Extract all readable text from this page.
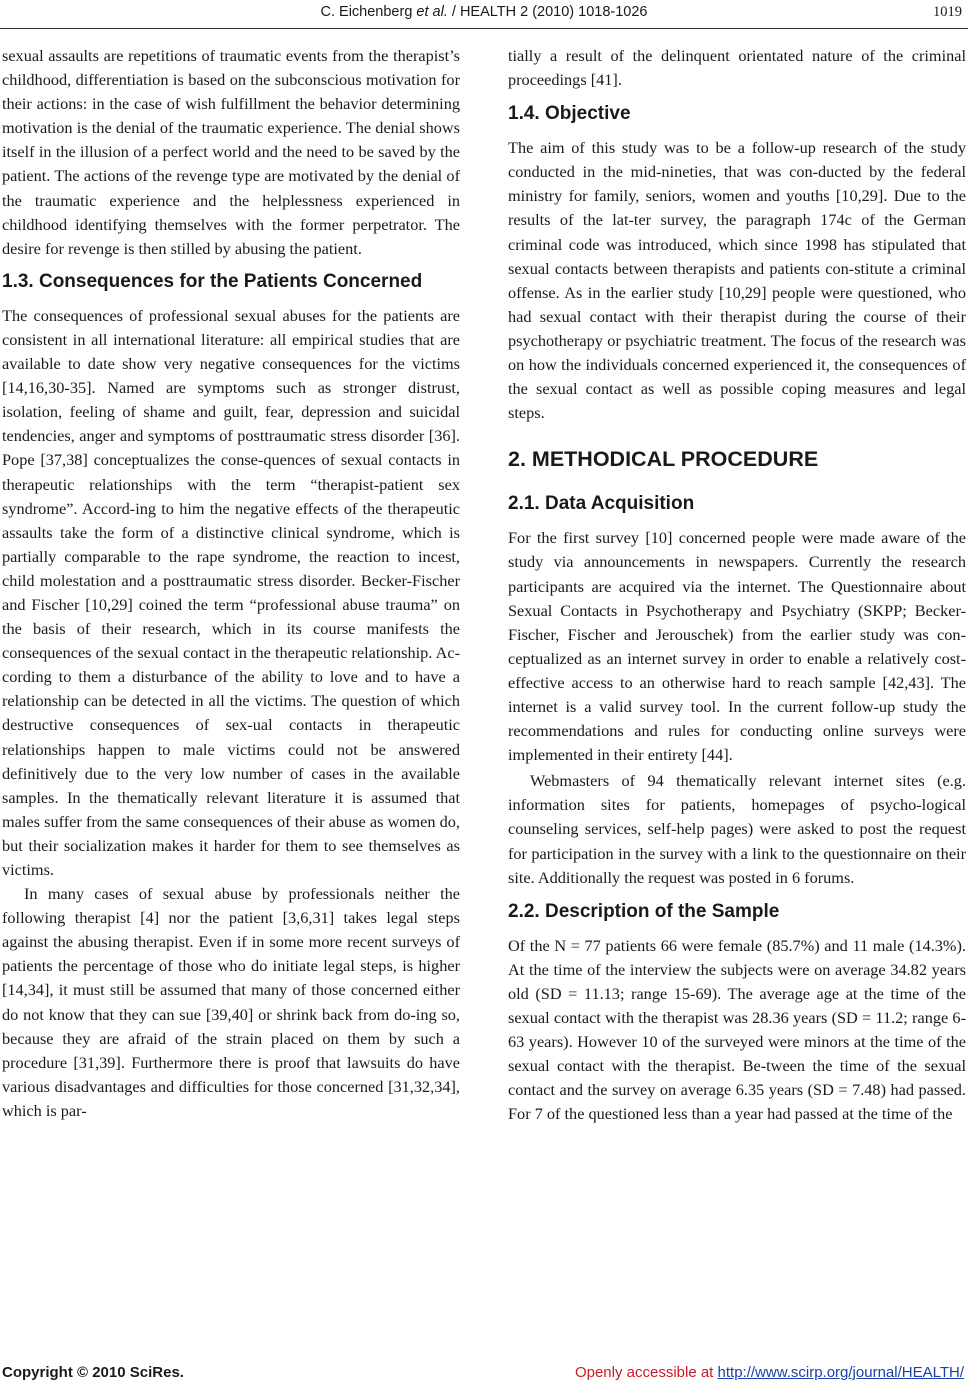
C. Eichenberg et al. / HEALTH 2 (2010) 1018-1026	1019

sexual assaults are repetitions of traumatic events from the therapist’s childhood, differentiation is based on the subconscious motivation for their actions: in the case of wish fulfillment the behavior determining motivation is the denial of the traumatic experience. The denial shows itself in the illusion of a perfect world and the need to be saved by the patient. The actions of the revenge type are motivated by the denial of the traumatic experience and the helplessness experienced in childhood identifying themselves with the former perpetrator. The desire for revenge is then stilled by abusing the patient.

1.3. Consequences for the Patients Concerned

The consequences of professional sexual abuses for the patients are consistent in all international literature: all empirical studies that are available to date show very negative consequences for the victims [14,16,30-35]. Named are symptoms such as stronger distrust, isolation, feeling of shame and guilt, fear, depression and suicidal tendencies, anger and symptoms of posttraumatic stress disorder [36]. Pope [37,38] conceptualizes the conse-quences of sexual contacts in therapeutic relationships with the term “therapist-patient sex syndrome”. Accord-ing to him the negative effects of the therapeutic assaults take the form of a distinctive clinical syndrome, which is partially comparable to the rape syndrome, the reaction to incest, child molestation and a posttraumatic stress disorder. Becker-Fischer and Fischer [10,29] coined the term “professional abuse trauma” on the basis of their research, which in its course manifests the consequences of the sexual contact in the therapeutic relationship. Ac-cording to them a disturbance of the ability to love and to have a relationship can be detected in all the victims. The question of which destructive consequences of sex-ual contacts in therapeutic relationships happen to male victims could not be answered definitively due to the very low number of cases in the available samples. In the thematically relevant literature it is assumed that males suffer from the same consequences of their abuse as women do, but their socialization makes it harder for them to see themselves as victims.

In many cases of sexual abuse by professionals neither the following therapist [4] nor the patient [3,6,31] takes legal steps against the abusing therapist. Even if in some more recent surveys of patients the percentage of those who do initiate legal steps, is higher [14,34], it must still be assumed that many of those concerned either do not know that they can sue [39,40] or shrink back from do-ing so, because they are afraid of the strain placed on them by such a procedure [31,39]. Furthermore there is proof that lawsuits do have various disadvantages and difficulties for those concerned [31,32,34], which is par-

tially a result of the delinquent orientated nature of the criminal proceedings [41].

1.4. Objective

The aim of this study was to be a follow-up research of the study conducted in the mid-nineties, that was con-ducted by the federal ministry for family, seniors, women and youths [10,29]. Due to the results of the lat-ter survey, the paragraph 174c of the German criminal code was introduced, which since 1998 has stipulated that sexual contacts between therapists and patients con-stitute a criminal offense. As in the earlier study [10,29] people were questioned, who had sexual contact with their therapist during the course of their psychotherapy or psychiatric treatment. The focus of the research was on how the individuals concerned experienced it, the consequences of the sexual contact as well as possible coping measures and legal steps.

2. METHODICAL PROCEDURE
2.1. Data Acquisition

For the first survey [10] concerned people were made aware of the study via announcements in newspapers. Currently the research participants are acquired via the internet. The Questionnaire about Sexual Contacts in Psychotherapy and Psychiatry (SKPP; Becker-Fischer, Fischer and Jerouschek) from the earlier study was con-ceptualized as an internet survey in order to enable a relatively cost-effective access to an otherwise hard to reach sample [42,43]. The internet is a valid survey tool. In the current follow-up study the recommendations and rules for conducting online surveys were implemented in their entirety [44].

Webmasters of 94 thematically relevant internet sites (e.g. information sites for patients, homepages of psycho-logical counseling services, self-help pages) were asked to post the request for participation in the survey with a link to the questionnaire on their site. Additionally the request was posted in 6 forums.

2.2. Description of the Sample

Of the N = 77 patients 66 were female (85.7%) and 11 male (14.3%). At the time of the interview the subjects were on average 34.82 years old (SD = 11.13; range 15-69). The average age at the time of the sexual contact with the therapist was 28.36 years (SD = 11.2; range 6-63 years). However 10 of the surveyed were minors at the time of the sexual contact with the therapist. Be-tween the time of the sexual contact and the survey on average 6.35 years (SD = 7.48) had passed. For 7 of the questioned less than a year had passed at the time of the

Copyright © 2010 SciRes.	Openly accessible at http://www.scirp.org/journal/HEALTH/
